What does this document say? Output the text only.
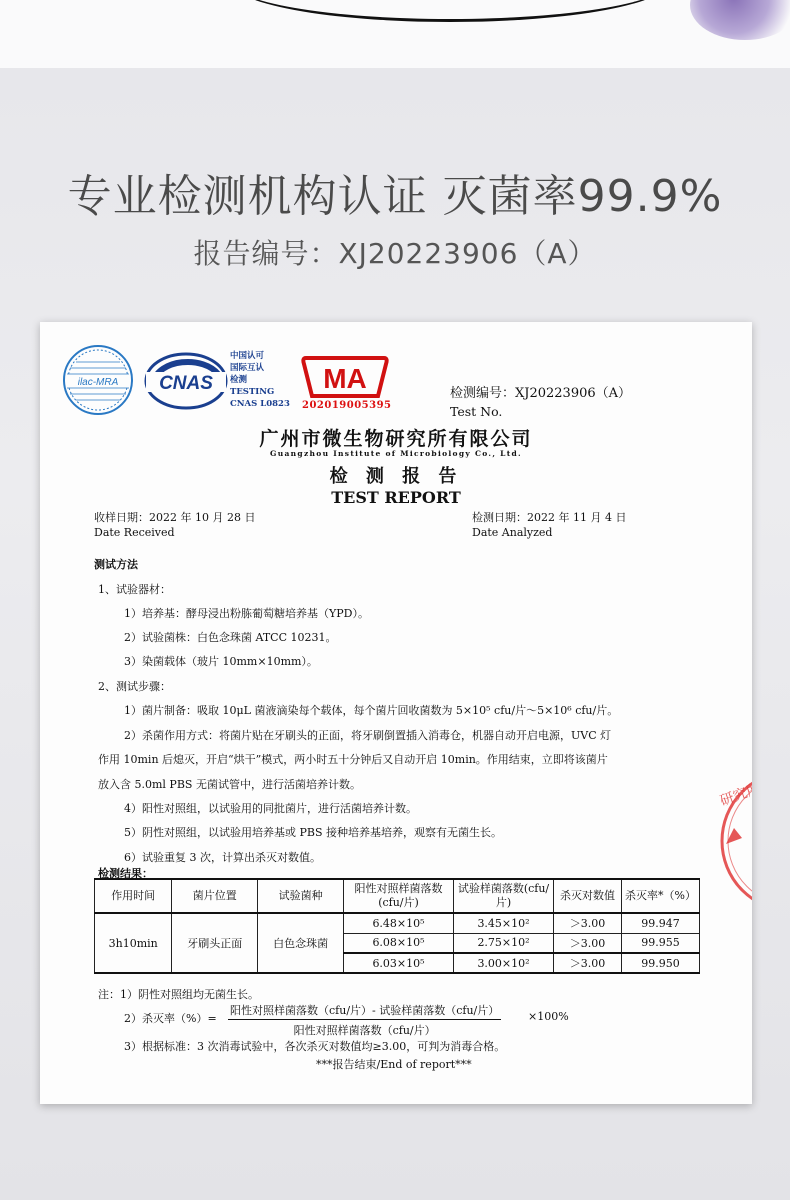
专业检测机构认证 灭菌率99.9%
报告编号：XJ20223906（A）
ilac-MRA CNAS
中国认可
国际互认
检测
TESTING
CNAS L0823
MA
202019005395
检测编号：XJ20223906（A）
Test No.
广州市微生物研究所有限公司
Guangzhou Institute of Microbiology Co., Ltd.
检 测 报 告
TEST REPORT
收样日期：2022 年 10 月 28 日
Date Received
检测日期：2022 年 11 月 4 日
Date Analyzed
测试方法
1、试验器材：
1）培养基：酵母浸出粉胨葡萄糖培养基（YPD）。
2）试验菌株：白色念珠菌 ATCC 10231。
3）染菌载体（玻片 10mm×10mm）。
2、测试步骤：
1）菌片制备：吸取 10μL 菌液滴染每个载体，每个菌片回收菌数为 5×10⁵ cfu/片～5×10⁶ cfu/片。
2）杀菌作用方式：将菌片贴在牙刷头的正面，将牙刷倒置插入消毒仓，机器自动开启电源，UVC 灯
作用 10min 后熄灭，开启“烘干”模式，两小时五十分钟后又自动开启 10min。作用结束，立即将该菌片
放入含 5.0ml PBS 无菌试管中，进行活菌培养计数。
4）阳性对照组，以试验用的同批菌片，进行活菌培养计数。
5）阴性对照组，以试验用培养基或 PBS 接种培养基培养，观察有无菌生长。
6）试验重复 3 次，计算出杀灭对数值。
检测结果：
作用时间	菌片位置	试验菌种	阳性对照样菌落数(cfu/片)	试验样菌落数(cfu/片)	杀灭对数值	杀灭率*（%）
3h10min	牙刷头正面	白色念珠菌	6.48×10⁵	3.45×10²	＞3.00	99.947
			6.08×10⁵	2.75×10²	＞3.00	99.955
			6.03×10⁵	3.00×10²	＞3.00	99.950
注：1）阴性对照组均无菌生长。
2）杀灭率（%）=	×100%
3）根据标准：3 次消毒试验中，各次杀灭对数值均≥3.00，可判为消毒合格。
***报告结束/End of report***
阳性对照样菌落数（cfu/片）- 试验样菌落数（cfu/片）
阳性对照样菌落数（cfu/片）
研究所专用
